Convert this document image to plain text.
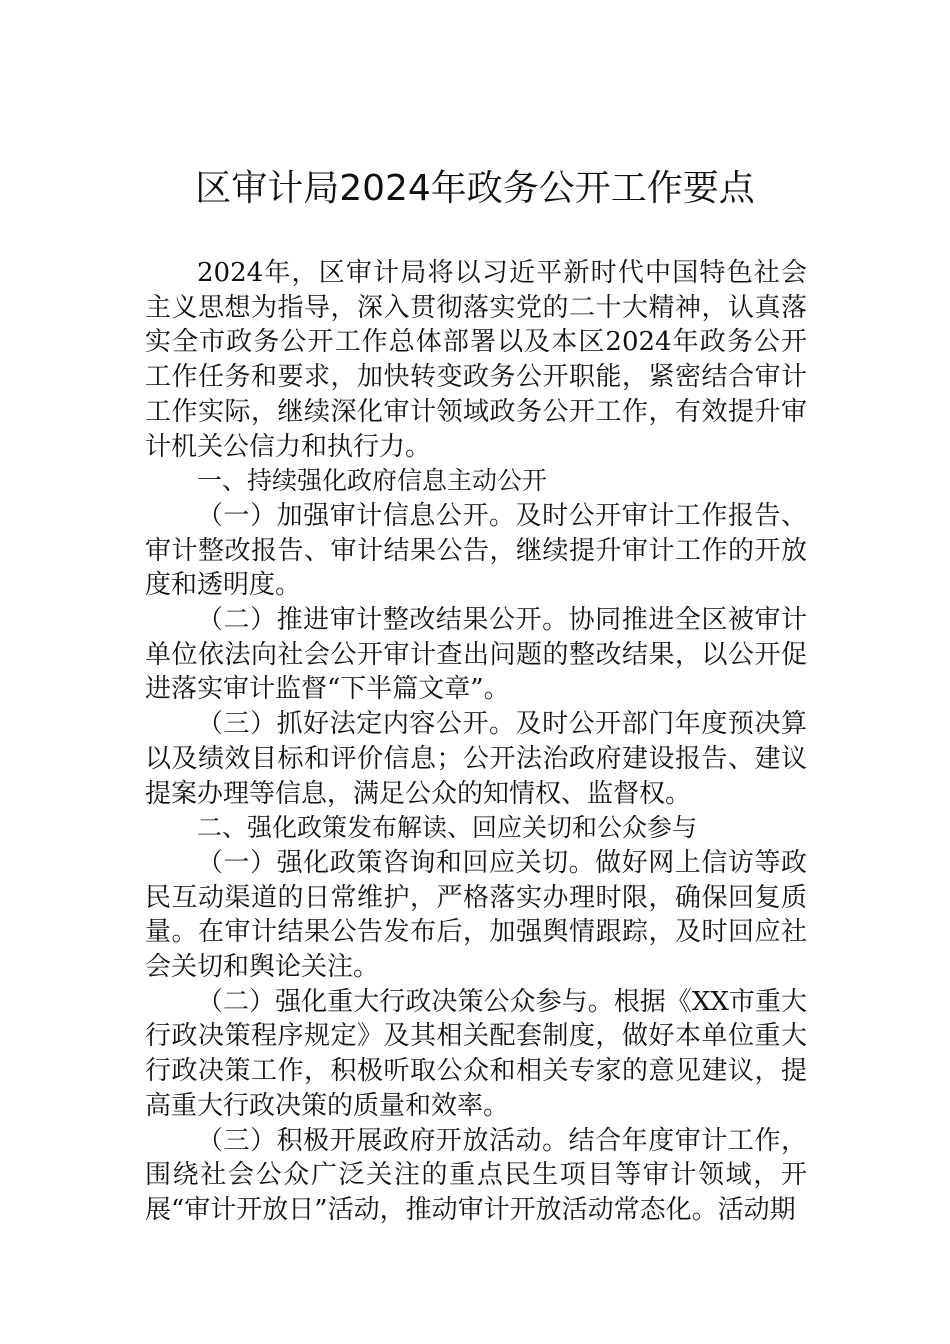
区审计局2024年政务公开工作要点

2024年，区审计局将以习近平新时代中国特色社会主义思想为指导，深入贯彻落实党的二十大精神，认真落实全市政务公开工作总体部署以及本区2024年政务公开工作任务和要求，加快转变政务公开职能，紧密结合审计工作实际，继续深化审计领域政务公开工作，有效提升审计机关公信力和执行力。

一、持续强化政府信息主动公开

（一）加强审计信息公开。及时公开审计工作报告、审计整改报告、审计结果公告，继续提升审计工作的开放度和透明度。

（二）推进审计整改结果公开。协同推进全区被审计单位依法向社会公开审计查出问题的整改结果，以公开促进落实审计监督“下半篇文章”。

（三）抓好法定内容公开。及时公开部门年度预决算以及绩效目标和评价信息；公开法治政府建设报告、建议提案办理等信息，满足公众的知情权、监督权。

二、强化政策发布解读、回应关切和公众参与

（一）强化政策咨询和回应关切。做好网上信访等政民互动渠道的日常维护，严格落实办理时限，确保回复质量。在审计结果公告发布后，加强舆情跟踪，及时回应社会关切和舆论关注。

（二）强化重大行政决策公众参与。根据《XX市重大行政决策程序规定》及其相关配套制度，做好本单位重大行政决策工作，积极听取公众和相关专家的意见建议，提高重大行政决策的质量和效率。

（三）积极开展政府开放活动。结合年度审计工作，围绕社会公众广泛关注的重点民生项目等审计领域，开展“审计开放日”活动，推动审计开放活动常态化。活动期
